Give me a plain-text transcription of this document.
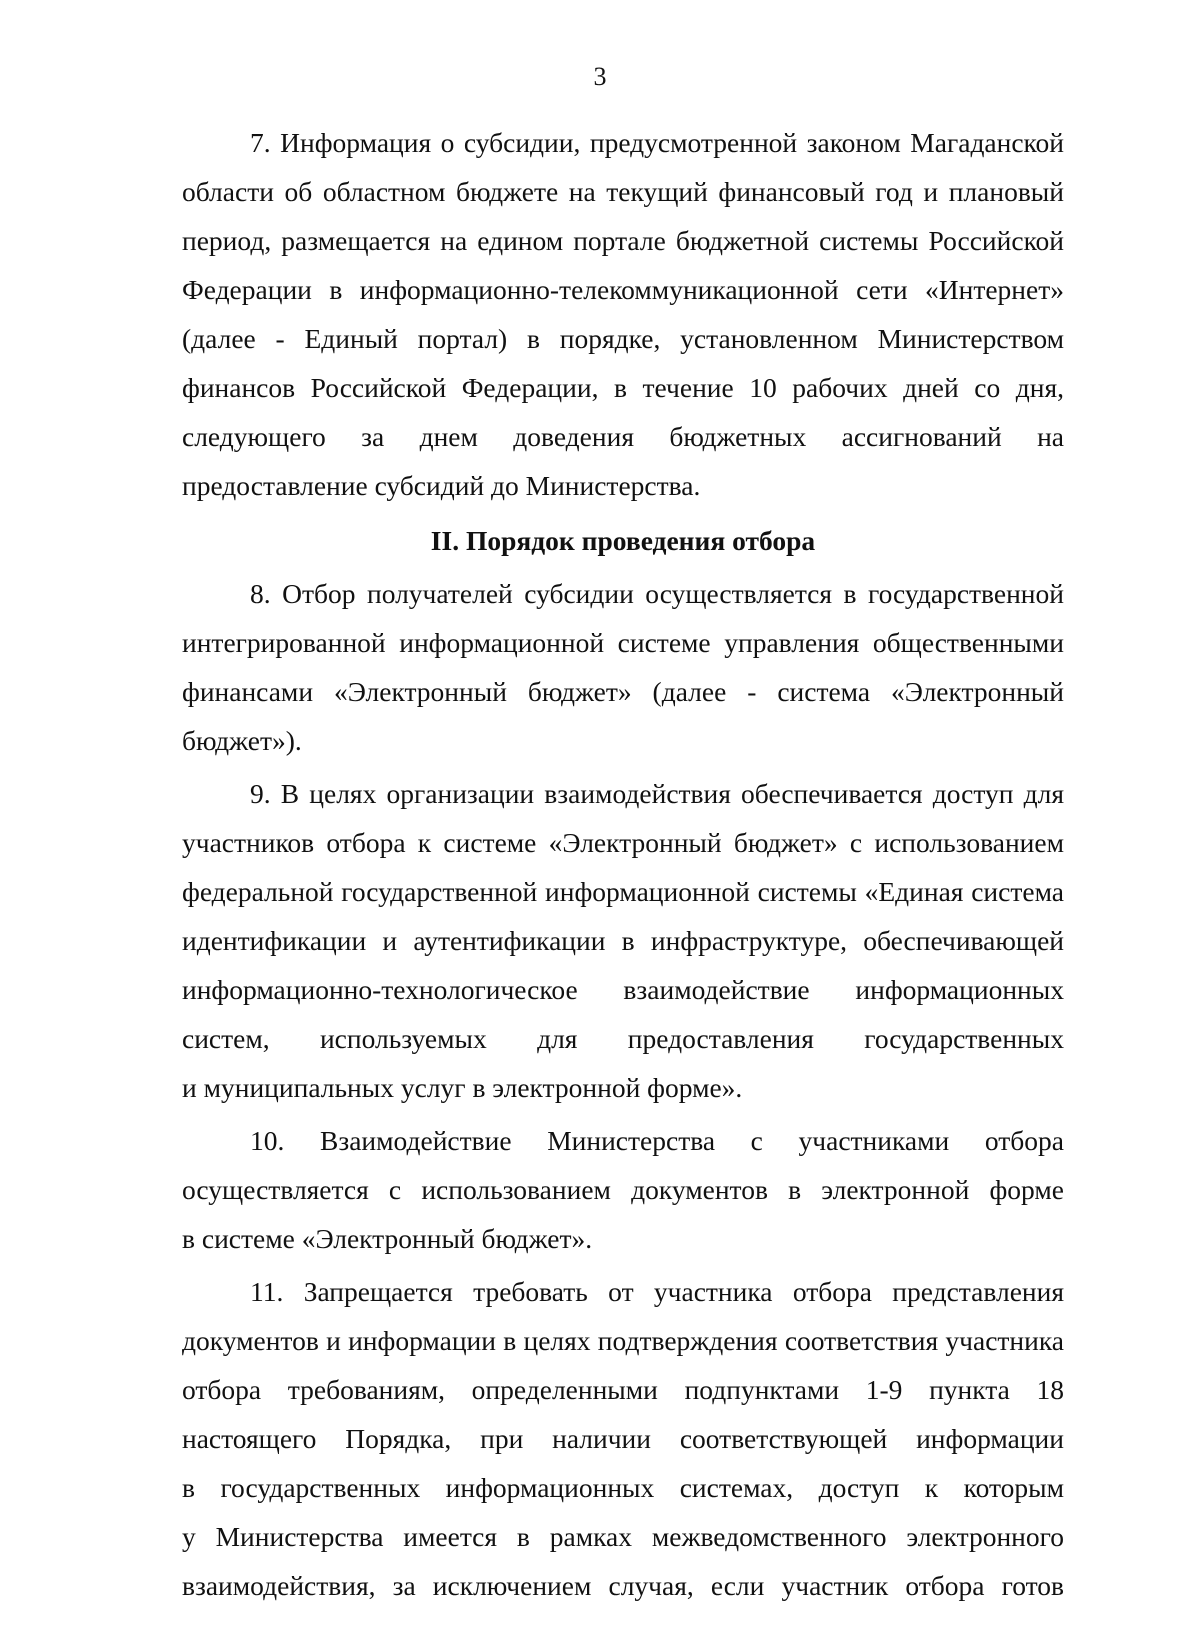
3
7. Информация о субсидии, предусмотренной законом Магаданской
области об областном бюджете на текущий финансовый год и плановый
период, размещается на едином портале бюджетной системы Российской
Федерации в информационно-телекоммуникационной сети «Интернет»
(далее - Единый портал) в порядке, установленном Министерством
финансов Российской Федерации, в течение 10 рабочих дней со дня,
следующего за днем доведения бюджетных ассигнований на
предоставление субсидий до Министерства.
II. Порядок проведения отбора
8. Отбор получателей субсидии осуществляется в государственной
интегрированной информационной системе управления общественными
финансами «Электронный бюджет» (далее - система «Электронный
бюджет»).
9. В целях организации взаимодействия обеспечивается доступ для
участников отбора к системе «Электронный бюджет» с использованием
федеральной государственной информационной системы «Единая система
идентификации и аутентификации в инфраструктуре, обеспечивающей
информационно-технологическое взаимодействие информационных
систем, используемых для предоставления государственных
и муниципальных услуг в электронной форме».
10. Взаимодействие Министерства с участниками отбора
осуществляется с использованием документов в электронной форме
в системе «Электронный бюджет».
11. Запрещается требовать от участника отбора представления
документов и информации в целях подтверждения соответствия участника
отбора требованиям, определенными подпунктами 1-9 пункта 18
настоящего Порядка, при наличии соответствующей информации
в государственных информационных системах, доступ к которым
у Министерства имеется в рамках межведомственного электронного
взаимодействия, за исключением случая, если участник отбора готов
